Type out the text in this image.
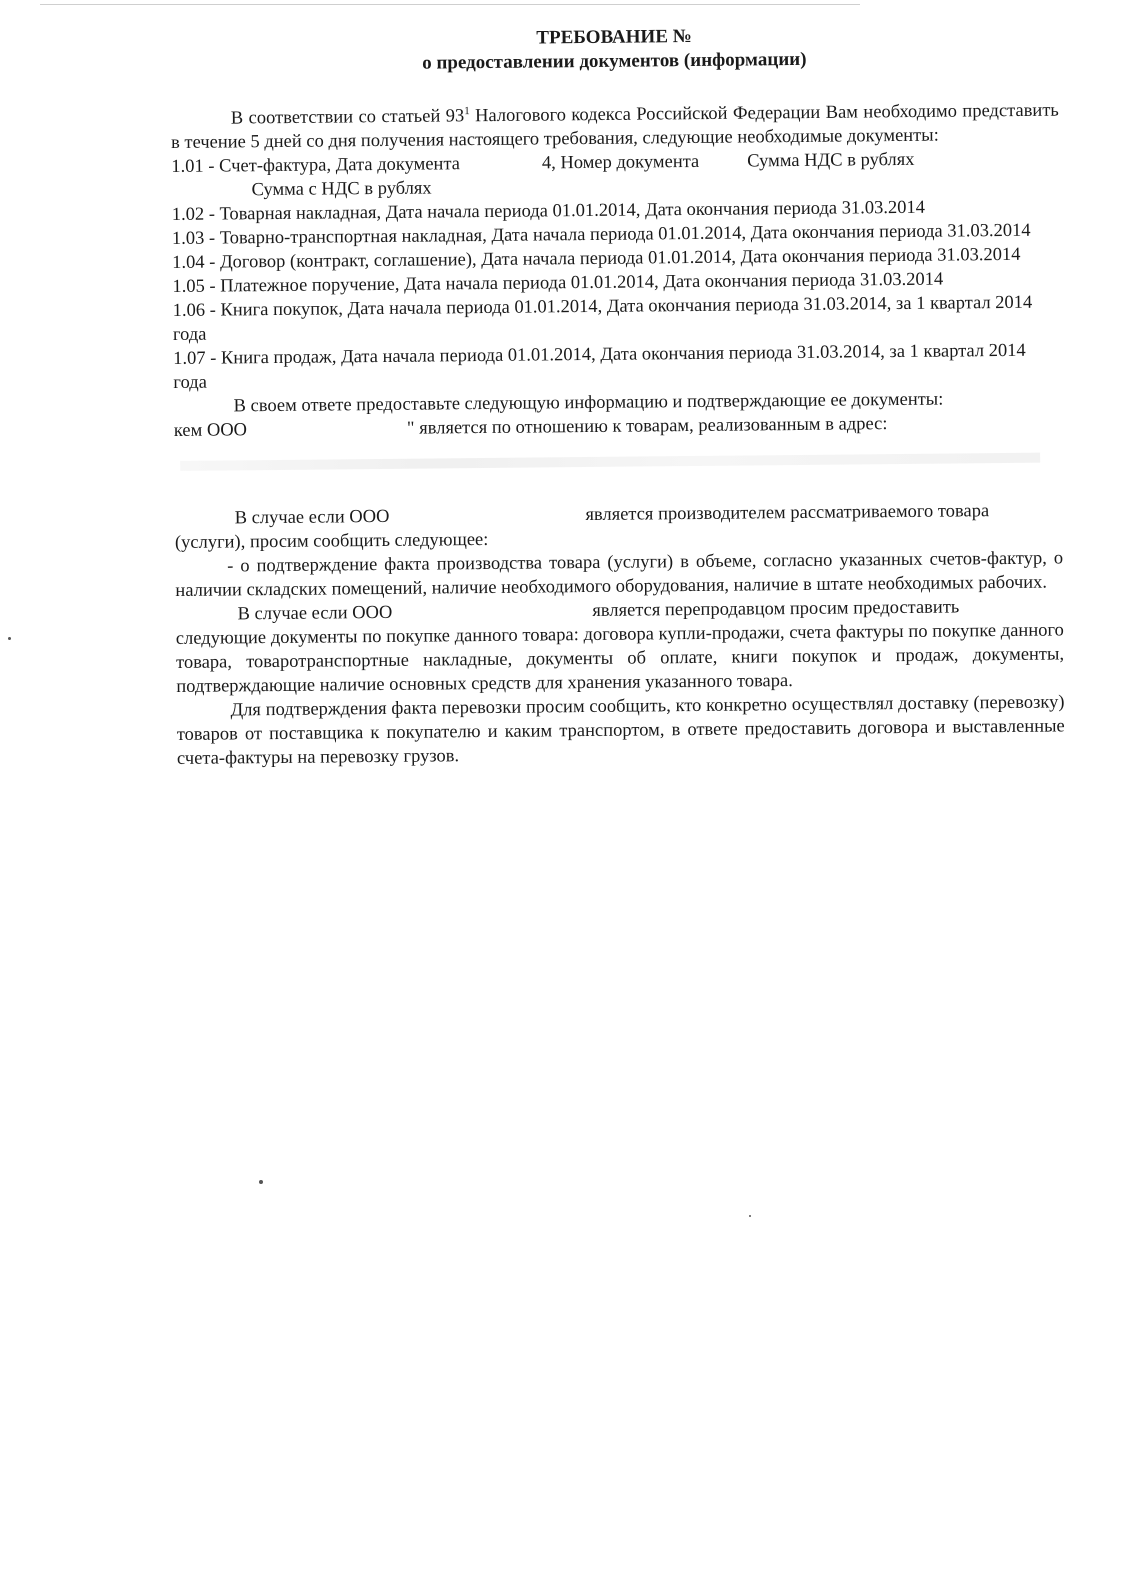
ТРЕБОВАНИЕ №
о предоставлении документов (информации)

В соответствии со статьей $93^1$ Налогового кодекса Российской Федерации Вам необходимо представить в течение 5 дней со дня получения настоящего требования, следующие необходимые документы:

1.01 - Счет-фактура, Дата документа	4, Номер документа	Сумма НДС в рублях

Сумма с НДС в рублях

1.02 - Товарная накладная, Дата начала периода 01.01.2014, Дата окончания периода 31.03.2014

1.03 - Товарно-транспортная накладная, Дата начала периода 01.01.2014, Дата окончания периода 31.03.2014

1.04 - Договор (контракт, соглашение), Дата начала периода 01.01.2014, Дата окончания периода 31.03.2014

1.05 - Платежное поручение, Дата начала периода 01.01.2014, Дата окончания периода 31.03.2014

1.06 - Книга покупок, Дата начала периода 01.01.2014, Дата окончания периода 31.03.2014, за 1 квартал 2014 года

1.07 - Книга продаж, Дата начала периода 01.01.2014, Дата окончания периода 31.03.2014, за 1 квартал 2014 года

В своем ответе предоставьте следующую информацию и подтверждающие ее документы:

кем ООО	" является по отношению к товарам, реализованным в адрес:

В случае если ООО	является производителем рассматриваемого товара

(услуги), просим сообщить следующее:

- о подтверждение факта производства товара (услуги) в объеме, согласно указанных счетов-фактур, о наличии складских помещений, наличие необходимого оборудования, наличие в штате необходимых рабочих.

В случае если ООО	является перепродавцом просим предоставить

следующие документы по покупке данного товара: договора купли-продажи, счета фактуры по покупке данного товара, товаротранспортные накладные, документы об оплате, книги покупок и продаж, документы, подтверждающие наличие основных средств для хранения указанного товара.

Для подтверждения факта перевозки просим сообщить, кто конкретно осуществлял доставку (перевозку) товаров от поставщика к покупателю и каким транспортом, в ответе предоставить договора и выставленные счета-фактуры на перевозку грузов.
